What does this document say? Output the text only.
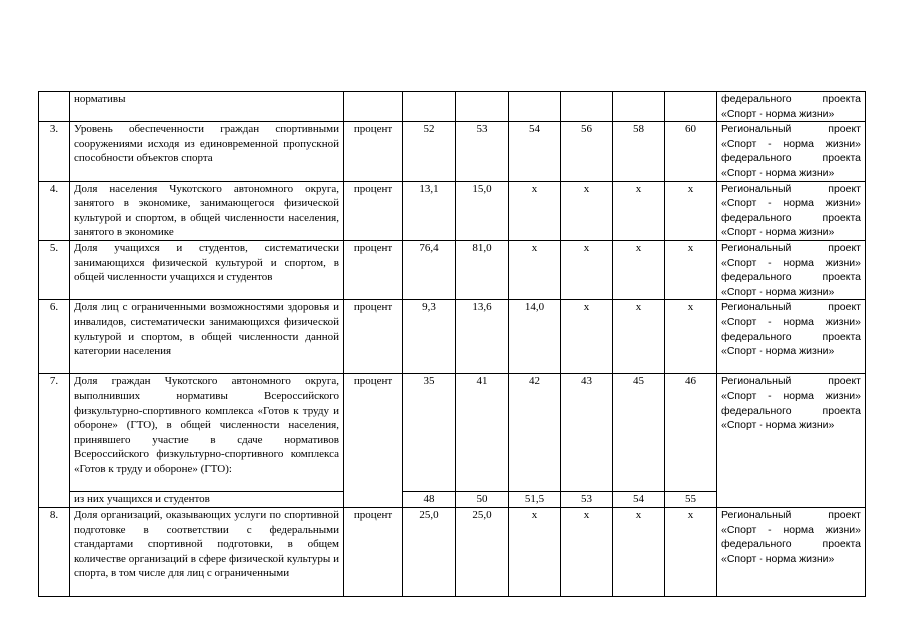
	нормативы								федерального проекта «Спорт - норма жизни»
3.	Уровень обеспеченности граждан спортивными сооружениями исходя из единовременной пропускной способности объектов спорта	процент	52	53	54	56	58	60	Региональный проект «Спорт - норма жизни» федерального проекта «Спорт - норма жизни»
4.	Доля населения Чукотского автономного округа, занятого в экономике, занимающегося физической культурой и спортом, в общей численности населения, занятого в экономике	процент	13,1	15,0	х	х	х	х	Региональный проект «Спорт - норма жизни» федерального проекта «Спорт - норма жизни»
5.	Доля учащихся и студентов, систематически занимающихся физической культурой и спортом, в общей численности учащихся и студентов	процент	76,4	81,0	х	х	х	х	Региональный проект «Спорт - норма жизни» федерального проекта «Спорт - норма жизни»
6.	Доля лиц с ограниченными возможностями здоровья и инвалидов, систематически занимающихся физической культурой и спортом, в общей численности данной категории населения	процент	9,3	13,6	14,0	х	х	х	Региональный проект «Спорт - норма жизни» федерального проекта «Спорт - норма жизни»
7.	Доля граждан Чукотского автономного округа, выполнивших нормативы Всероссийского физкультурно-спортивного комплекса «Готов к труду и обороне» (ГТО), в общей численности населения, принявшего участие в сдаче нормативов Всероссийского физкультурно-спортивного комплекса «Готов к труду и обороне» (ГТО):	процент	35	41	42	43	45	46	Региональный проект «Спорт - норма жизни» федерального проекта «Спорт - норма жизни»
	из них учащихся и студентов		48	50	51,5	53	54	55	
8.	Доля организаций, оказывающих услуги по спортивной подготовке в соответствии с федеральными стандартами спортивной подготовки, в общем количестве организаций в сфере физической культуры и спорта, в том числе для лиц с ограниченными	процент	25,0	25,0	х	х	х	х	Региональный проект «Спорт - норма жизни» федерального проекта «Спорт - норма жизни»
